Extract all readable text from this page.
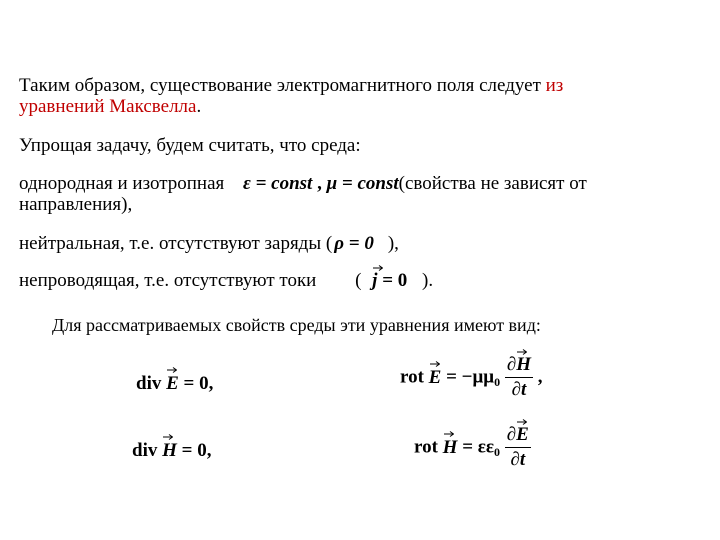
Таким образом, существование электромагнитного поля следует из
уравнений Максвелла.
Упрощая задачу, будем считать, что среда:
однородная и изотропная ε = const , μ = const(свойства не зависят от
направления),
нейтральная, т.е. отсутствуют заряды ( ρ = 0 ),
непроводящая, т.е. отсутствуют токи ( j = 0 ).
Для рассматриваемых свойств среды эти уравнения имеют вид:
div
E = 0,	rot
$E = -\mu\mu_0$ ∂
H
∂t ,
div
H = 0,	rot
$H = \varepsilon\varepsilon_0$ ∂
E
∂t
